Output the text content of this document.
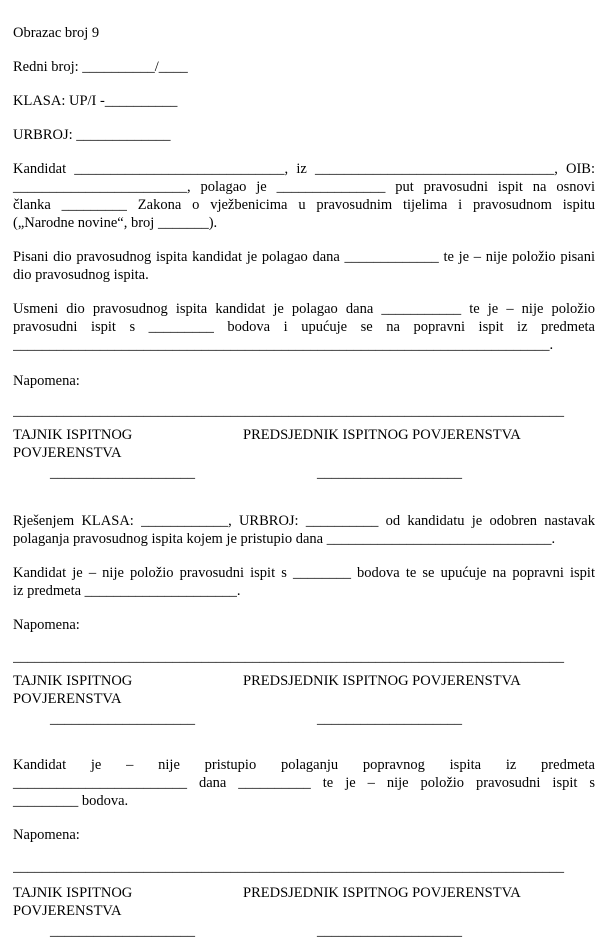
Obrazac broj 9
Redni broj: __________/____
KLASA: UP/I -__________
URBROJ: _____________
Kandidat _____________________________, iz _________________________________, OIB:
________________________, polagao je _______________ put pravosudni ispit na osnovi
članka _________ Zakona o vježbenicima u pravosudnim tijelima i pravosudnom ispitu
(„Narodne novine“, broj _______).
Pisani dio pravosudnog ispita kandidat je polagao dana _____________ te je – nije položio pisani
dio pravosudnog ispita.
Usmeni dio pravosudnog ispita kandidat je polagao dana ___________ te je – nije položio
pravosudni ispit s _________ bodova i upućuje se na popravni ispit iz predmeta
__________________________________________________________________________.
Napomena:
____________________________________________________________________________
TAJNIK ISPITNOG POVJERENSTVA
PREDSJEDNIK ISPITNOG POVJERENSTVA
____________________	____________________
Rješenjem KLASA: ____________, URBROJ: __________ od kandidatu je odobren nastavak
polaganja pravosudnog ispita kojem je pristupio dana _______________________________.
Kandidat je – nije položio pravosudni ispit s ________ bodova te se upućuje na popravni ispit
iz predmeta _____________________.
Napomena:
____________________________________________________________________________
TAJNIK ISPITNOG POVJERENSTVA
PREDSJEDNIK ISPITNOG POVJERENSTVA
____________________	____________________
Kandidat je – nije pristupio polaganju popravnog ispita iz predmeta
________________________ dana __________ te je – nije položio pravosudni ispit s
_________ bodova.
Napomena:
____________________________________________________________________________
TAJNIK ISPITNOG POVJERENSTVA
PREDSJEDNIK ISPITNOG POVJERENSTVA
____________________	____________________
